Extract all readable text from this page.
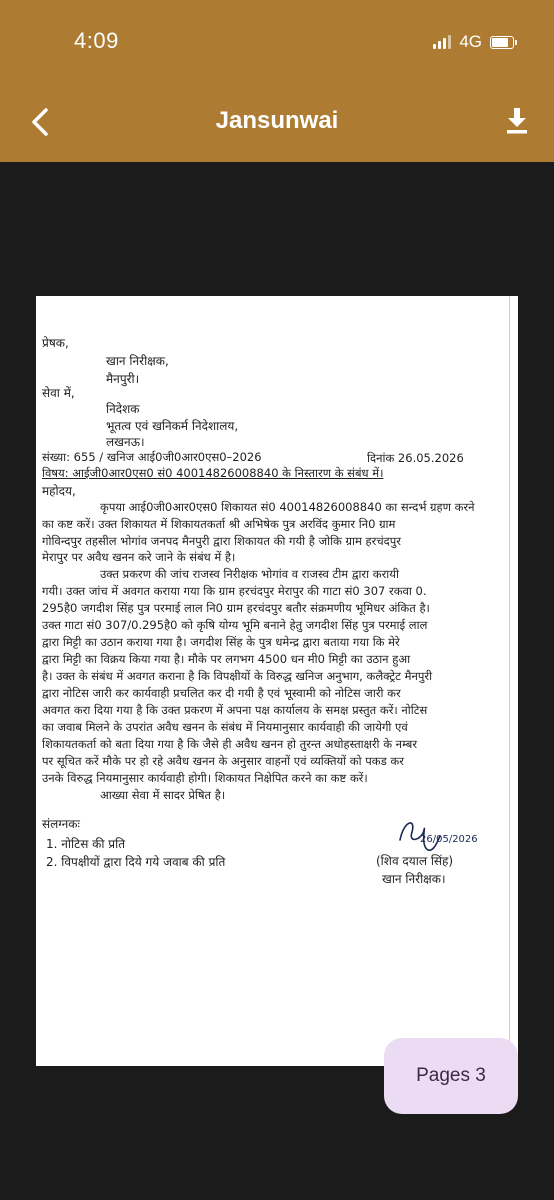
4:09	4G
Jansunwai
प्रेषक,
खान निरीक्षक,
मैनपुरी।
सेवा में,
निदेशक
भूतत्व एवं खनिकर्म निदेशालय,
लखनऊ।
संख्या: 655 / खनिज आई0जी0आर0एस0–2026	दिनांक 26.05.2026
विषय: आईजी0आर0एस0 सं0 40014826008840 के निस्तारण के संबंध में।
महोदय,
कृपया आई0जी0आर0एस0 शिकायत सं0 40014826008840 का सन्दर्भ ग्रहण करने
का कष्ट करें। उक्त शिकायत में शिकायतकर्ता श्री अभिषेक पुत्र अरविंद कुमार नि0 ग्राम
गोविन्दपुर तहसील भोगांव जनपद मैनपुरी द्वारा शिकायत की गयी है जोकि ग्राम हरचंदपुर
मेरापुर पर अवैध खनन करे जाने के संबंध में है।
उक्त प्रकरण की जांच राजस्व निरीक्षक भोगांव व राजस्व टीम द्वारा करायी
गयी। उक्त जांच में अवगत कराया गया कि ग्राम हरचंदपुर मेरापुर की गाटा सं0 307 रकवा 0.
295है0 जगदीश सिंह पुत्र परमाई लाल नि0 ग्राम हरचंदपुर बतौर संक्रमणीय भूमिधर अंकित है।
उक्त गाटा सं0 307/0.295है0 को कृषि योग्य भूमि बनाने हेतु जगदीश सिंह पुत्र परमाई लाल
द्वारा मिट्टी का उठान कराया गया है। जगदीश सिंह के पुत्र धमेन्द्र द्वारा बताया गया कि मेरे
द्वारा मिट्टी का विक्रय किया गया है। मौके पर लगभग 4500 धन मी0 मिट्टी का उठान हुआ
है। उक्त के संबंध में अवगत कराना है कि विपक्षीयों के विरुद्ध खनिज अनुभाग, कलैक्ट्रेट मैनपुरी
द्वारा नोटिस जारी कर कार्यवाही प्रचलित कर दी गयी है एवं भूस्वामी को नोटिस जारी कर
अवगत करा दिया गया है कि उक्त प्रकरण में अपना पक्ष कार्यालय के समक्ष प्रस्तुत करें। नोटिस
का जवाब मिलने के उपरांत अवैध खनन के संबंध में नियमानुसार कार्यवाही की जायेगी एवं
शिकायतकर्ता को बता दिया गया है कि जैसे ही अवैध खनन हो तुरन्त अधोहस्ताक्षरी के नम्बर
पर सूचित करें मौके पर हो रहे अवैध खनन के अनुसार वाहनों एवं व्यक्तियों को पकड कर
उनके विरुद्ध नियमानुसार कार्यवाही होगी। शिकायत निक्षेपित करने का कष्ट करें।
आख्या सेवा में सादर प्रेषित है।
संलग्नकः
1. नोटिस की प्रति
2. विपक्षीयों द्वारा दिये गये जवाब की प्रति
26/05/2026
(शिव दयाल सिंह)
खान निरीक्षक।
Pages 3
